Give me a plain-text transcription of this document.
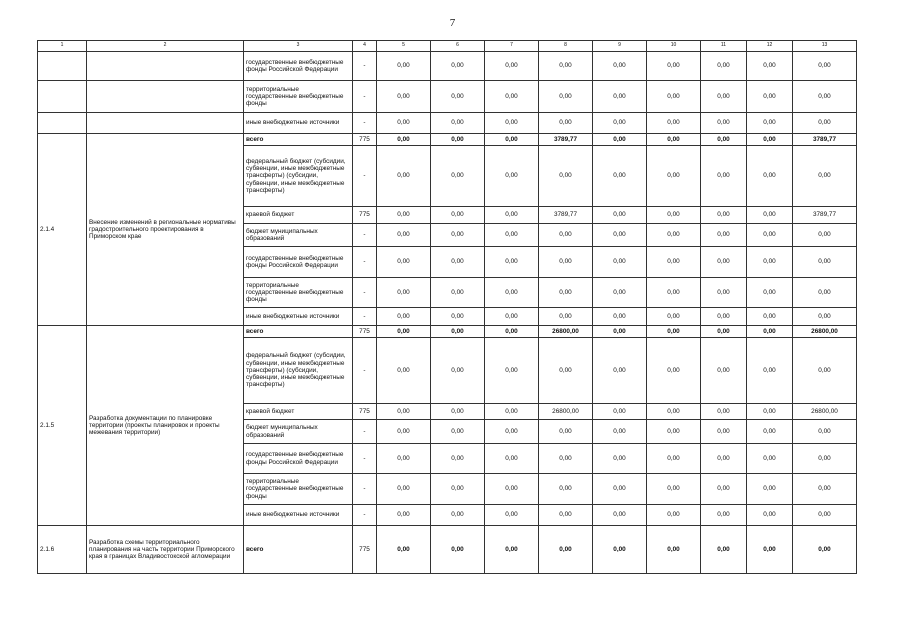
7
1	2	3	4	5	6	7	8	9	10	11	12	13
		государственные внебюджетные фонды Российской Федерации	-	0,00	0,00	0,00	0,00	0,00	0,00	0,00	0,00	0,00
		территориальные государственные внебюджетные фонды	-	0,00	0,00	0,00	0,00	0,00	0,00	0,00	0,00	0,00
		иные внебюджетные источники	-	0,00	0,00	0,00	0,00	0,00	0,00	0,00	0,00	0,00
2.1.4	Внесение изменений в региональные нормативы градостроительного проектирования в Приморском крае	всего	775	0,00	0,00	0,00	3789,77	0,00	0,00	0,00	0,00	3789,77
		федеральный бюджет (субсидии, субвенции, иные межбюджетные трансферты) (субсидии, субвенции, иные межбюджетные трансферты)	-	0,00	0,00	0,00	0,00	0,00	0,00	0,00	0,00	0,00
		краевой бюджет	775	0,00	0,00	0,00	3789,77	0,00	0,00	0,00	0,00	3789,77
		бюджет муниципальных образований	-	0,00	0,00	0,00	0,00	0,00	0,00	0,00	0,00	0,00
		государственные внебюджетные фонды Российской Федерации	-	0,00	0,00	0,00	0,00	0,00	0,00	0,00	0,00	0,00
		территориальные государственные внебюджетные фонды	-	0,00	0,00	0,00	0,00	0,00	0,00	0,00	0,00	0,00
		иные внебюджетные источники	-	0,00	0,00	0,00	0,00	0,00	0,00	0,00	0,00	0,00
2.1.5	Разработка документации по планировке территории (проекты планировок и проекты межевания территории)	всего	775	0,00	0,00	0,00	26800,00	0,00	0,00	0,00	0,00	26800,00
		федеральный бюджет (субсидии, субвенции, иные межбюджетные трансферты) (субсидии, субвенции, иные межбюджетные трансферты)	-	0,00	0,00	0,00	0,00	0,00	0,00	0,00	0,00	0,00
		краевой бюджет	775	0,00	0,00	0,00	26800,00	0,00	0,00	0,00	0,00	26800,00
		бюджет муниципальных образований	-	0,00	0,00	0,00	0,00	0,00	0,00	0,00	0,00	0,00
		государственные внебюджетные фонды Российской Федерации	-	0,00	0,00	0,00	0,00	0,00	0,00	0,00	0,00	0,00
		территориальные государственные внебюджетные фонды	-	0,00	0,00	0,00	0,00	0,00	0,00	0,00	0,00	0,00
		иные внебюджетные источники	-	0,00	0,00	0,00	0,00	0,00	0,00	0,00	0,00	0,00
2.1.6	Разработка схемы территориального планирования на часть территории Приморского края в границах Владивостокской агломерации	всего	775	0,00	0,00	0,00	0,00	0,00	0,00	0,00	0,00	0,00
